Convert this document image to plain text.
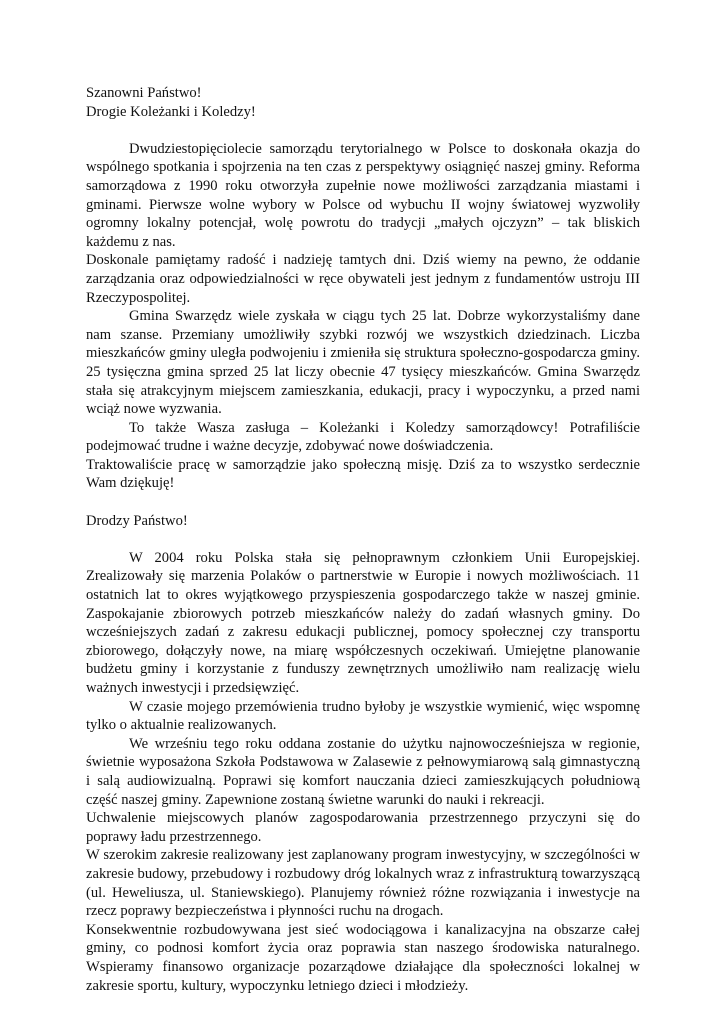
Szanowni Państwo!

Drogie Koleżanki i Koledzy!

Dwudziestopięciolecie samorządu terytorialnego w Polsce to doskonała okazja do wspólnego spotkania i spojrzenia na ten czas z perspektywy osiągnięć naszej gminy. Reforma samorządowa z 1990 roku otworzyła zupełnie nowe możliwości zarządzania miastami i gminami. Pierwsze wolne wybory w Polsce od wybuchu II wojny światowej wyzwoliły ogromny lokalny potencjał, wolę powrotu do tradycji „małych ojczyzn” – tak bliskich każdemu z nas.

Doskonale pamiętamy radość i nadzieję tamtych dni. Dziś wiemy na pewno, że oddanie zarządzania oraz odpowiedzialności w ręce obywateli jest jednym z fundamentów ustroju III Rzeczypospolitej.

Gmina Swarzędz wiele zyskała w ciągu tych 25 lat. Dobrze wykorzystaliśmy dane nam szanse. Przemiany umożliwiły szybki rozwój we wszystkich dziedzinach. Liczba mieszkańców gminy uległa podwojeniu i zmieniła się struktura społeczno-gospodarcza gminy. 25 tysięczna gmina sprzed 25 lat liczy obecnie 47 tysięcy mieszkańców. Gmina Swarzędz stała się atrakcyjnym miejscem zamieszkania, edukacji, pracy i wypoczynku, a przed nami wciąż nowe wyzwania.

To także Wasza zasługa – Koleżanki i Koledzy samorządowcy! Potrafiliście podejmować trudne i ważne decyzje, zdobywać nowe doświadczenia.

Traktowaliście pracę w samorządzie jako społeczną misję. Dziś za to wszystko serdecznie Wam dziękuję!

Drodzy Państwo!

W 2004 roku Polska stała się pełnoprawnym członkiem Unii Europejskiej. Zrealizowały się marzenia Polaków o partnerstwie w Europie i nowych możliwościach. 11 ostatnich lat to okres wyjątkowego przyspieszenia gospodarczego także w naszej gminie. Zaspokajanie zbiorowych potrzeb mieszkańców należy do zadań własnych gminy. Do wcześniejszych zadań z zakresu edukacji publicznej, pomocy społecznej czy transportu zbiorowego, dołączyły nowe, na miarę współczesnych oczekiwań. Umiejętne planowanie budżetu gminy i korzystanie z funduszy zewnętrznych umożliwiło nam realizację wielu ważnych inwestycji i przedsięwzięć.

W czasie mojego przemówienia trudno byłoby je wszystkie wymienić, więc wspomnę tylko o aktualnie realizowanych.

We wrześniu tego roku oddana zostanie do użytku najnowocześniejsza w regionie, świetnie wyposażona Szkoła Podstawowa w Zalasewie z pełnowymiarową salą gimnastyczną i salą audiowizualną. Poprawi się komfort nauczania dzieci zamieszkujących południową część naszej gminy. Zapewnione zostaną świetne warunki do nauki i rekreacji.

Uchwalenie miejscowych planów zagospodarowania przestrzennego przyczyni się do poprawy ładu przestrzennego.

W szerokim zakresie realizowany jest zaplanowany program inwestycyjny, w szczególności w zakresie budowy, przebudowy i rozbudowy dróg lokalnych wraz z infrastrukturą towarzyszącą (ul. Heweliusza, ul. Staniewskiego). Planujemy również różne rozwiązania i inwestycje na rzecz poprawy bezpieczeństwa i płynności ruchu na drogach.

Konsekwentnie rozbudowywana jest sieć wodociągowa i kanalizacyjna na obszarze całej gminy, co podnosi komfort życia oraz poprawia stan naszego środowiska naturalnego. Wspieramy finansowo organizacje pozarządowe działające dla społeczności lokalnej w zakresie sportu, kultury, wypoczynku letniego dzieci i młodzieży.
